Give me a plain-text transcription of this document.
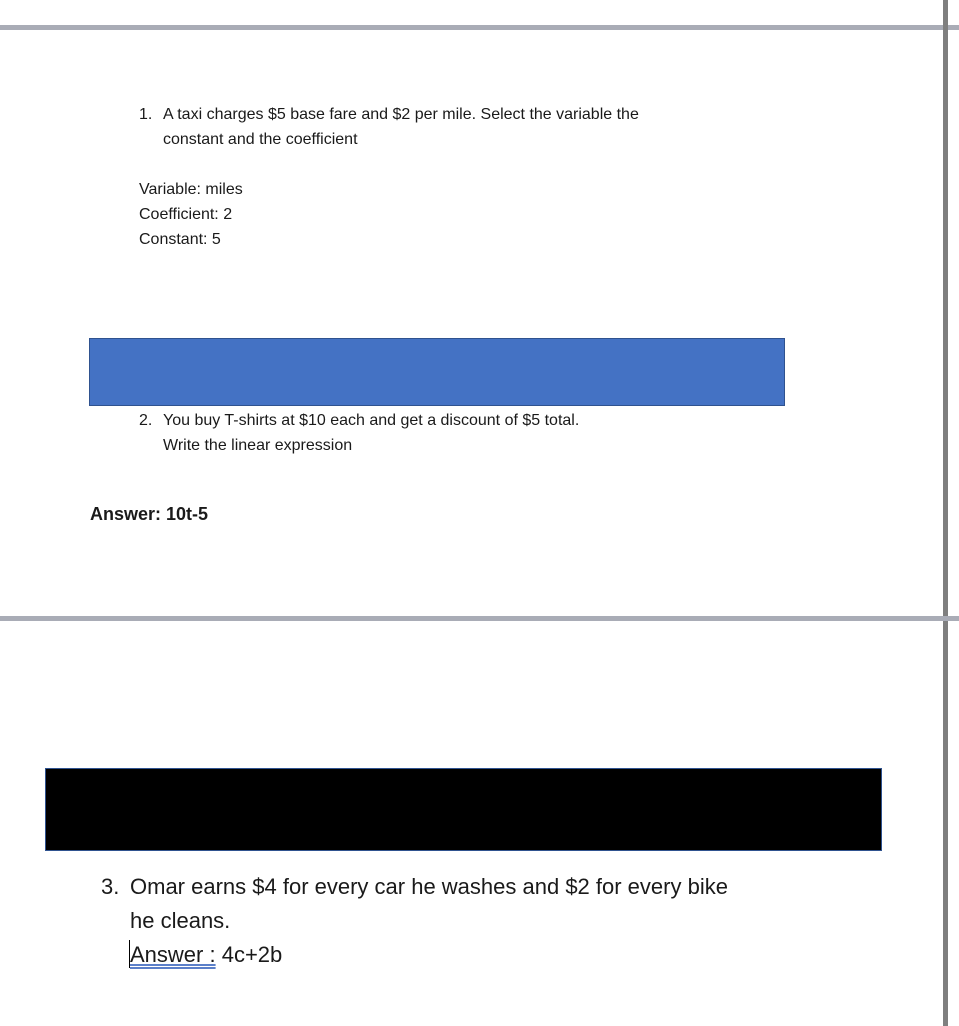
1. A taxi charges $5 base fare and $2 per mile. Select the variable the
constant and the coefficient
Variable: miles
Coefficient: 2
Constant: 5
2. You buy T-shirts at $10 each and get a discount of $5 total.
Write the linear expression
Answer: 10t-5
3. Omar earns $4 for every car he washes and $2 for every bike
he cleans.
Answer : 4c+2b
